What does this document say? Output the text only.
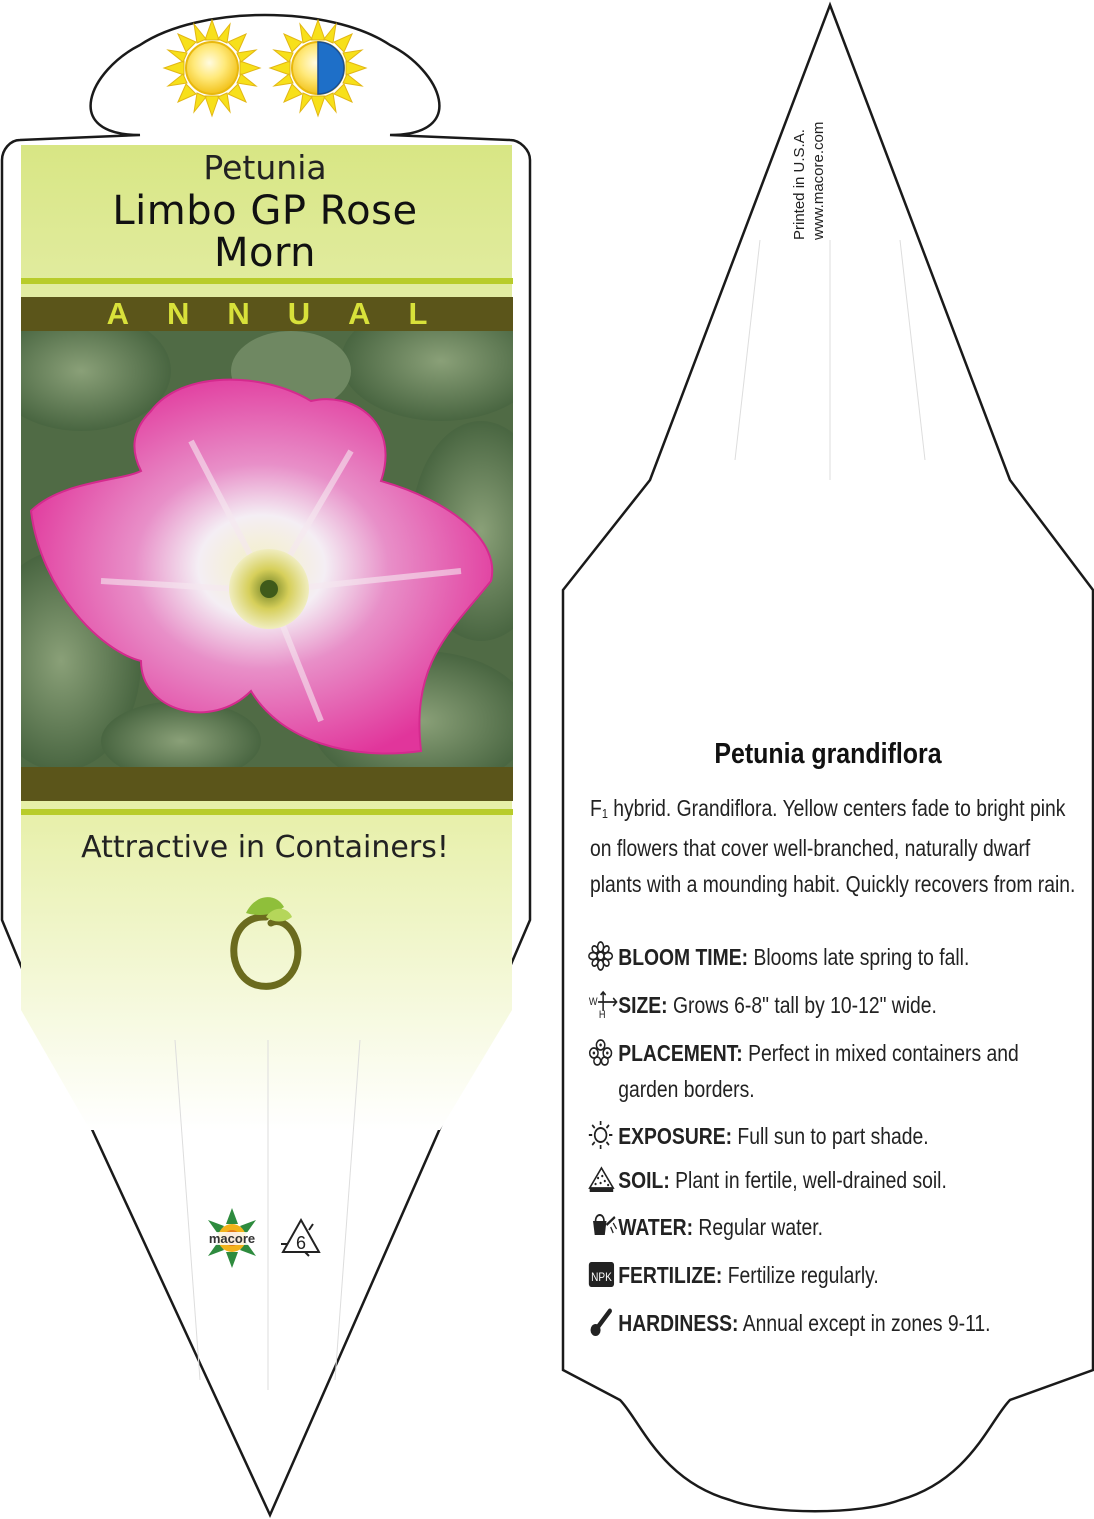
macore 6
Petunia
Limbo GP Rose
Morn
ANNUAL
Attractive in Containers!
Printed in U.S.A. www.macore.com
Petunia grandiflora
F1 hybrid. Grandiflora. Yellow centers fade to bright pink on flowers that cover well-branched, naturally dwarf plants with a mounding habit. Quickly recovers from rain.
BLOOM TIME: Blooms late spring to fall.
W
H SIZE: Grows 6-8" tall by 10-12" wide.
PLACEMENT: Perfect in mixed containers and garden borders.
EXPOSURE: Full sun to part shade.
SOIL: Plant in fertile, well-drained soil.
WATER: Regular water.
NPK FERTILIZE: Fertilize regularly.
HARDINESS: Annual except in zones 9-11.
